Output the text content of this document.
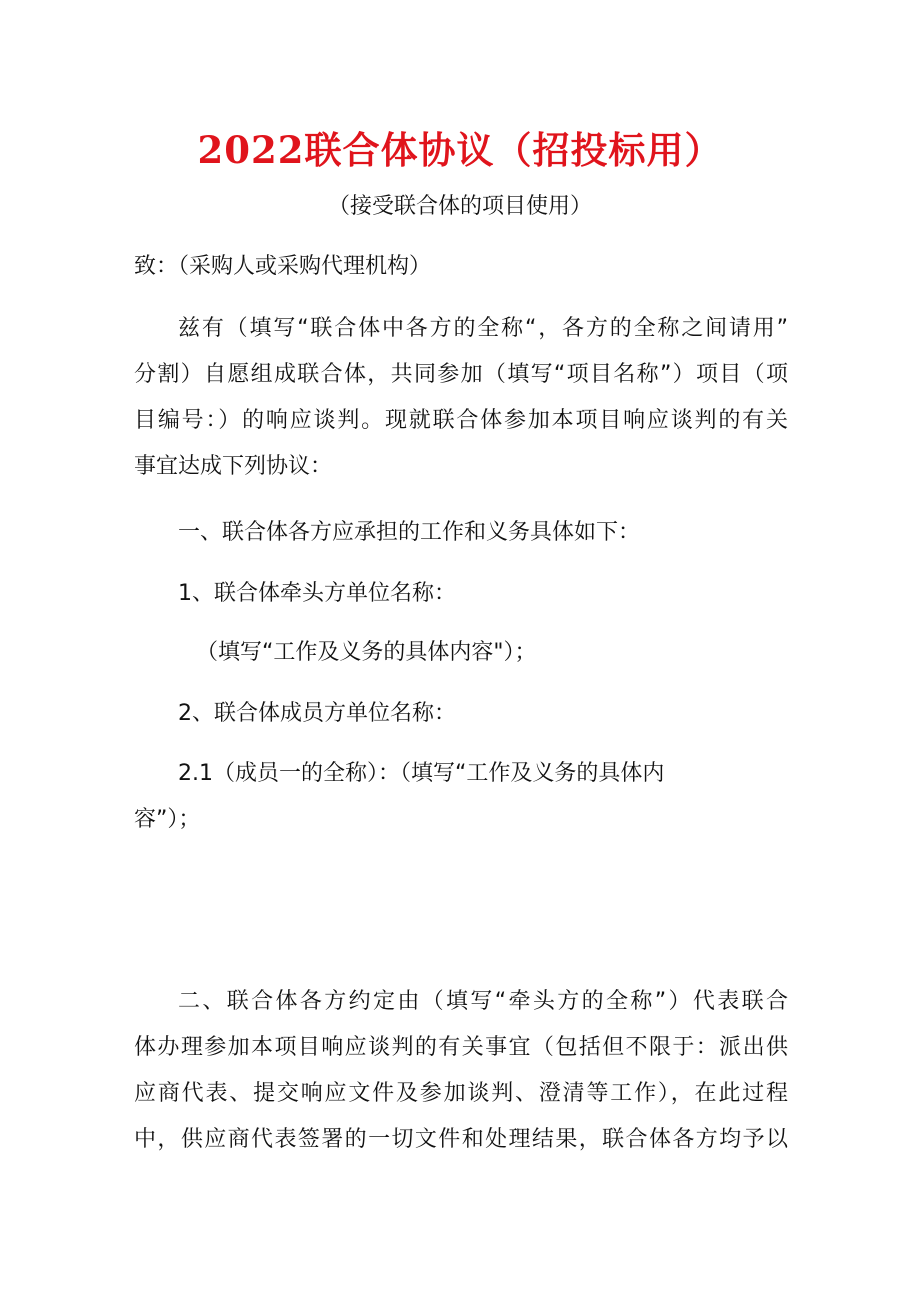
2022联合体协议（招投标用）
（接受联合体的项目使用）
致：（采购人或采购代理机构）
兹有（填写“联合体中各方的全称“，各方的全称之间请用”
分割）自愿组成联合体，共同参加（填写“项目名称”）项目（项
目编号：）的响应谈判。现就联合体参加本项目响应谈判的有关
事宜达成下列协议：
一、联合体各方应承担的工作和义务具体如下：
1、联合体牵头方单位名称：
（填写“工作及义务的具体内容"）；
2、联合体成员方单位名称：
2.1（成员一的全称）：（填写“工作及义务的具体内
容”）；
二、联合体各方约定由（填写“牵头方的全称”）代表联合
体办理参加本项目响应谈判的有关事宜（包括但不限于：派出供
应商代表、提交响应文件及参加谈判、澄清等工作），在此过程
中，供应商代表签署的一切文件和处理结果，联合体各方均予以
